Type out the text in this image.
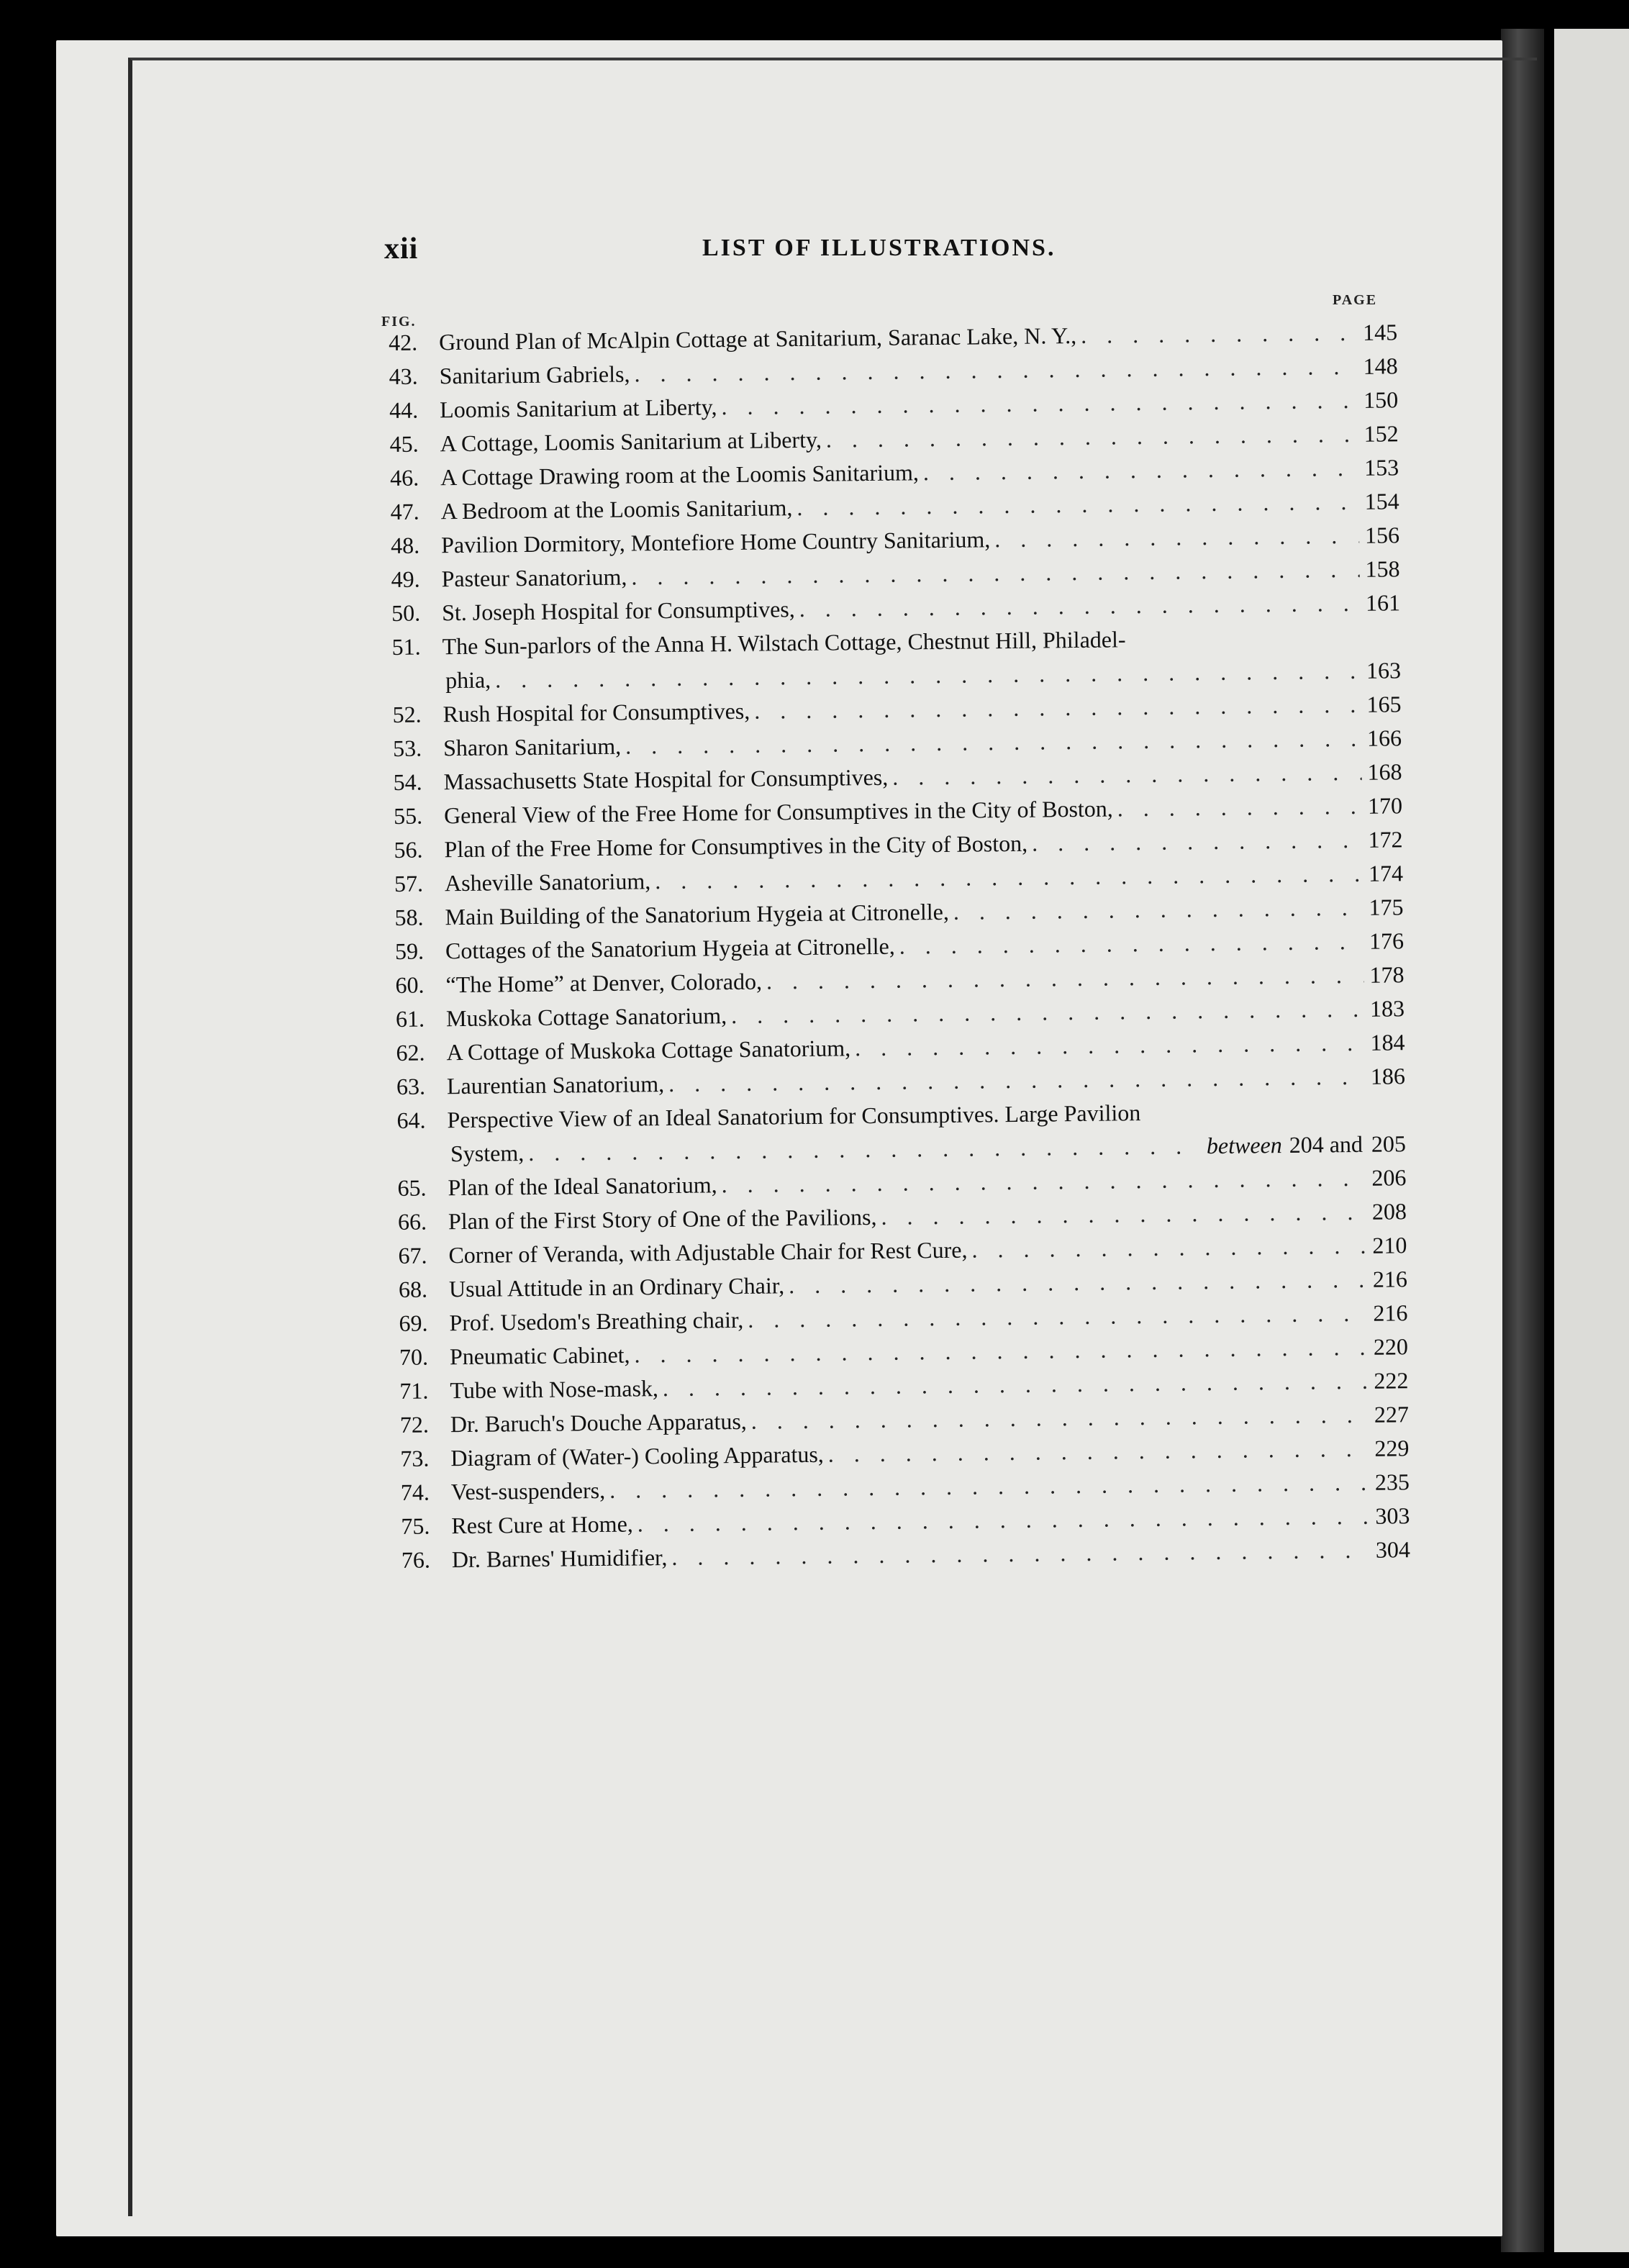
xii	LIST OF ILLUSTRATIONS.
FIG.
PAGE
42. Ground Plan of McAlpin Cottage at Sanitarium, Saranac Lake, N. Y., . . .	145
43. Sanitarium Gabriels, . . .	148
44. Loomis Sanitarium at Liberty, . . .	150
45. A Cottage, Loomis Sanitarium at Liberty, . . .	152
46. A Cottage Drawing room at the Loomis Sanitarium, . . .	153
47. A Bedroom at the Loomis Sanitarium, . . .	154
48. Pavilion Dormitory, Montefiore Home Country Sanitarium, . . .	156
49. Pasteur Sanatorium, . . .	158
50. St. Joseph Hospital for Consumptives, . . .	161
51. The Sun-parlors of the Anna H. Wilstach Cottage, Chestnut Hill, Philadel-
phia, . . .	163
52. Rush Hospital for Consumptives, . . .	165
53. Sharon Sanitarium, . . .	166
54. Massachusetts State Hospital for Consumptives, . . .	168
55. General View of the Free Home for Consumptives in the City of Boston, . . .	170
56. Plan of the Free Home for Consumptives in the City of Boston, . . .	172
57. Asheville Sanatorium, . . .	174
58. Main Building of the Sanatorium Hygeia at Citronelle, . . .	175
59. Cottages of the Sanatorium Hygeia at Citronelle, . . .	176
60. “The Home” at Denver, Colorado, . . .	178
61. Muskoka Cottage Sanatorium, . . .	183
62. A Cottage of Muskoka Cottage Sanatorium, . . .	184
63. Laurentian Sanatorium, . . .	186
64. Perspective View of an Ideal Sanatorium for Consumptives. Large Pavilion
System, . . .	between 204 and 205
65. Plan of the Ideal Sanatorium, . . .	206
66. Plan of the First Story of One of the Pavilions, . . .	208
67. Corner of Veranda, with Adjustable Chair for Rest Cure, . . .	210
68. Usual Attitude in an Ordinary Chair, . . .	216
69. Prof. Usedom's Breathing chair, . . .	216
70. Pneumatic Cabinet, . . .	220
71. Tube with Nose-mask, . . .	222
72. Dr. Baruch's Douche Apparatus, . . .	227
73. Diagram of (Water-) Cooling Apparatus, . . .	229
74. Vest-suspenders, . . .	235
75. Rest Cure at Home, . . .	303
76. Dr. Barnes' Humidifier, . . .	304
